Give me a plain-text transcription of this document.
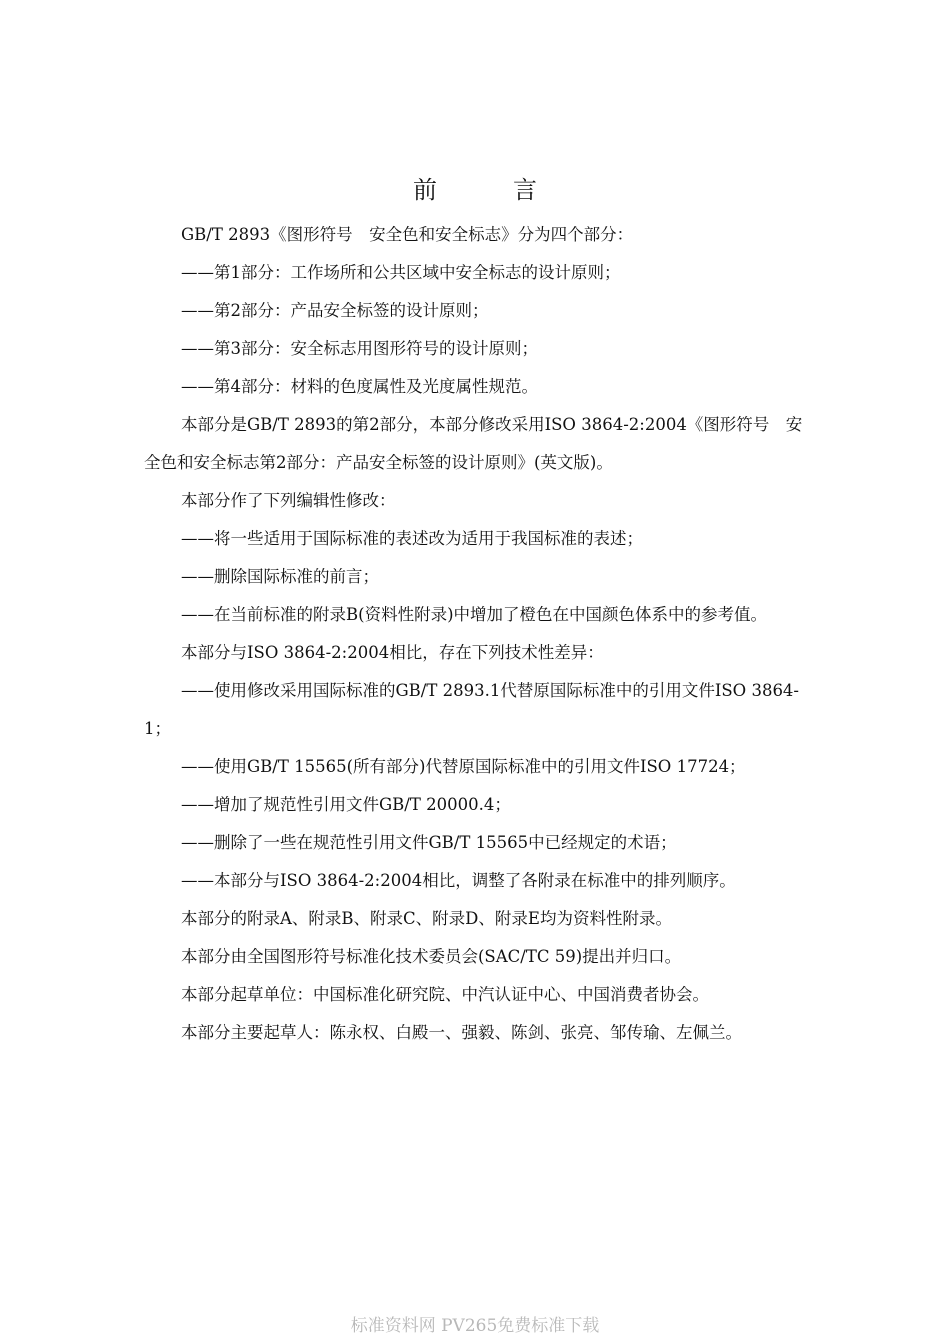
前　言

GB/T 2893《图形符号　安全色和安全标志》分为四个部分：

——第1部分：工作场所和公共区域中安全标志的设计原则；

——第2部分：产品安全标签的设计原则；

——第3部分：安全标志用图形符号的设计原则；

——第4部分：材料的色度属性及光度属性规范。

本部分是GB/T 2893的第2部分，本部分修改采用ISO 3864-2:2004《图形符号　安全色和安全标志第2部分：产品安全标签的设计原则》(英文版)。

本部分作了下列编辑性修改：

——将一些适用于国际标准的表述改为适用于我国标准的表述；

——删除国际标准的前言；

——在当前标准的附录B(资料性附录)中增加了橙色在中国颜色体系中的参考值。

本部分与ISO 3864-2:2004相比，存在下列技术性差异：

——使用修改采用国际标准的GB/T 2893.1代替原国际标准中的引用文件ISO 3864-1；

——使用GB/T 15565(所有部分)代替原国际标准中的引用文件ISO 17724；

——增加了规范性引用文件GB/T 20000.4；

——删除了一些在规范性引用文件GB/T 15565中已经规定的术语；

——本部分与ISO 3864-2:2004相比，调整了各附录在标准中的排列顺序。

本部分的附录A、附录B、附录C、附录D、附录E均为资料性附录。

本部分由全国图形符号标准化技术委员会(SAC/TC 59)提出并归口。

本部分起草单位：中国标准化研究院、中汽认证中心、中国消费者协会。

本部分主要起草人：陈永权、白殿一、强毅、陈剑、张亮、邹传瑜、左佩兰。

标准资料网 PV265免费标准下载
